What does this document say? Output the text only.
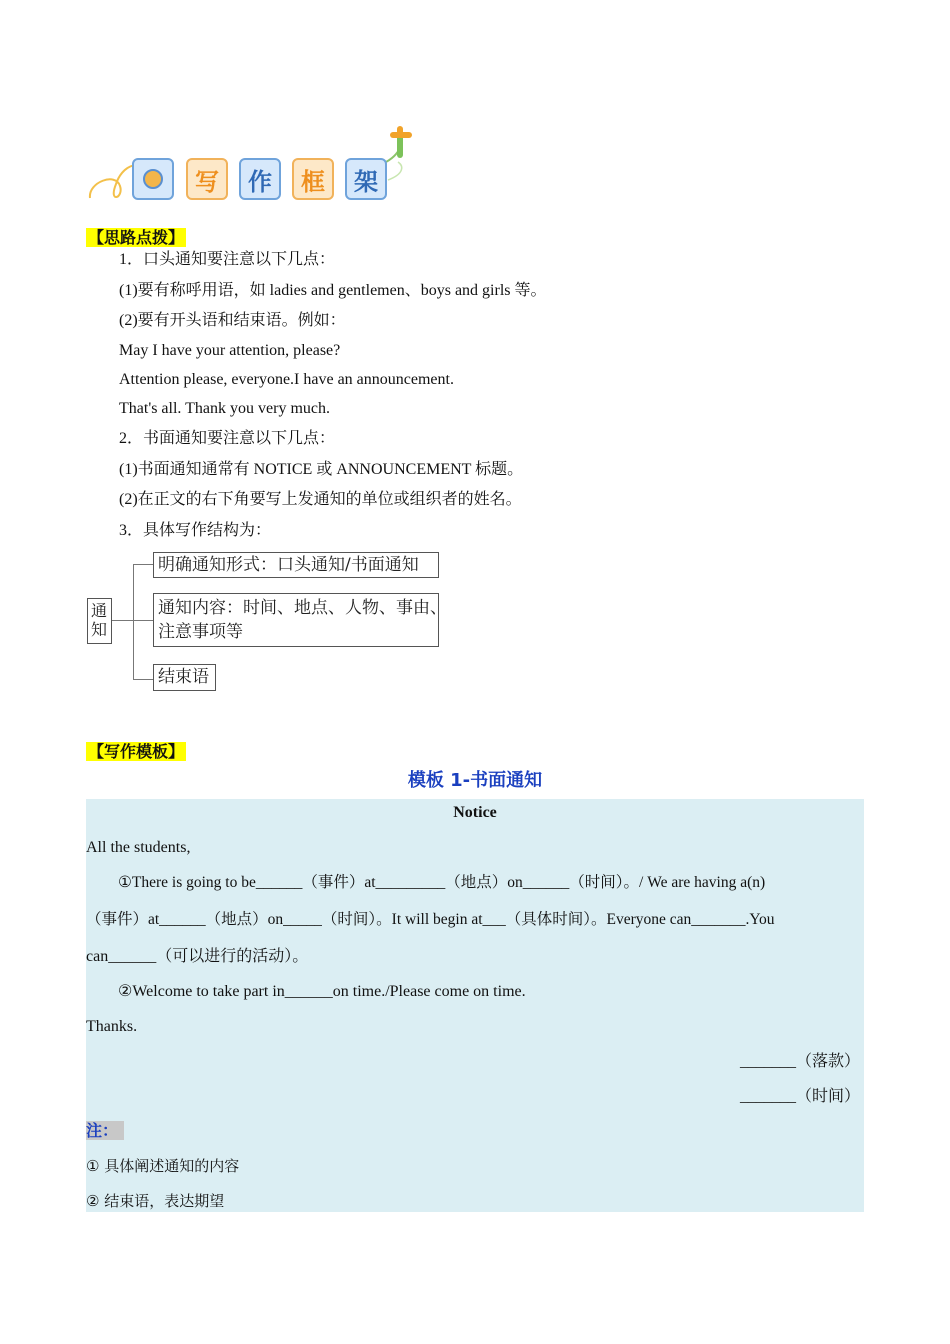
写	作	框	架
【思路点拨】
1．口头通知要注意以下几点：
(1)要有称呼用语，如 ladies and gentlemen、boys and girls 等。
(2)要有开头语和结束语。例如：
May I have your attention, please?
Attention please, everyone.I have an announcement.
That's all. Thank you very much.
2．书面通知要注意以下几点：
(1)书面通知通常有 NOTICE 或 ANNOUNCEMENT 标题。
(2)在正文的右下角要写上发通知的单位或组织者的姓名。
3．具体写作结构为：
通知
明确通知形式：口头通知/书面通知
通知内容：时间、地点、人物、事由、
注意事项等
结束语
【写作模板】
模板 1-书面通知
Notice
All the students,
①There is going to be______（事件）at_________（地点）on______（时间）。/ We are having a(n)
（事件）at______（地点）on_____（时间）。It will begin at___（具体时间）。Everyone can_______.You
can______（可以进行的活动）。
②Welcome to take part in______on time./Please come on time.
Thanks.
_______（落款）
_______（时间）
注：
① 具体阐述通知的内容
② 结束语，表达期望
